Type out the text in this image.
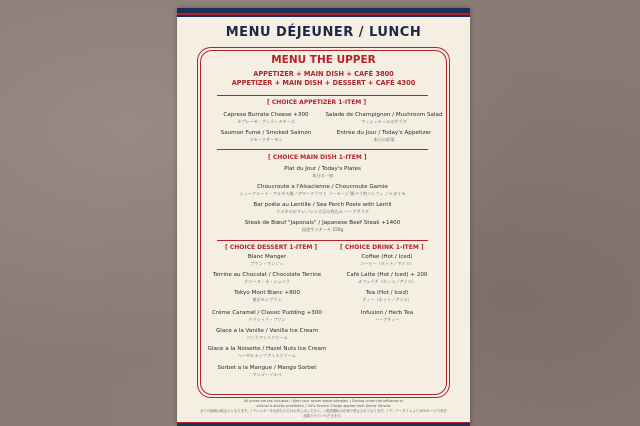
MENU DÉJEUNER / LUNCH
MENU THE UPPER
APPETIZER + MAIN DISH + CAFÉ 3800
APPETIZER + MAIN DISH + DESSERT + CAFÉ 4300
[ CHOICE APPETIZER 1-ITEM ]
Caprese Burrata Cheese +300
カプレーゼ・ブッラータチーズ
Salade de Champignon / Mushroom Salad
マッシュルームのサラダ
Saumon Fumé / Smoked Salmon
スモークサーモン
Entrée du Jour / Today's Appetizer
本日の前菜
[ CHOICE MAIN DISH 1-ITEM ]
Plat du Jour / Today's Plates
本日の一皿
Choucroute a l'Alsacienne / Choucroute Garnie
シュークルート・アルザス風／ザワークラウト ソーセージ 豚バラ肉コンフィ ジャガイモ
Bar poêle au Lentille / Sea Perch Poele with Lentil
スズキのポワレ／レンズ豆の煮込み ハーブサラダ
Steak de Bœuf "Japonais" / Japanese Beef Steak +1400
国産牛ステーキ 150g
[ CHOICE DESSERT 1-ITEM ]	[ CHOICE DRINK 1-ITEM ]
Blanc Manger
ブラン・マンジェ
Terrine au Chocolat / Chocolate Terrine
テリーヌ・オ・ショコラ
Tokyo Mont Blanc +800
東京モンブラン
Crème Caramel / Classic Pudding +300
クラシック・プリン
Glace a la Vanille / Vanilla Ice Cream
バニラアイスクリーム
Glace a la Noisette / Hazel Nuts Ice Cream
ヘーゼルナッツアイスクリーム
Sorbet a la Mangue / Mango Sorbet
マンゴーソルベ
Coffee (Hot / Iced)
コーヒー（ホット／アイス）
Café Latte (Hot / Iced) + 200
カフェラテ（ホット／アイス）
Tea (Hot / Iced)
ティー（ホット／アイス）
Infusion / Herb Tea
ハーブティー
All prices are tax inclusive. / Alert your server about allergies. / Driving under the influence of
alcohol is strictly prohibited. / 10% Service Charge applies from Dinner Service
全ての価格は税込みとなります。/ アレルギーをお持ちの方はお申し出ください。/ 飲酒運転は法律で禁止されております。/ ディナータイムより10%サービス料を加算させていただきます。
